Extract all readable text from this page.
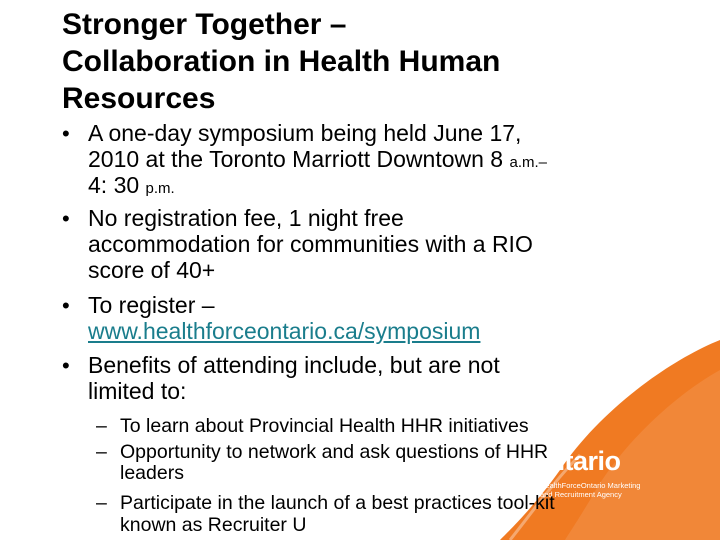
Stronger Together –
Collaboration in Health Human
Resources
• A one-day symposium being held June 17,
2010 at the Toronto Marriott Downtown 8 a.m.–
4: 30 p.m.
• No registration fee, 1 night free
accommodation for communities with a RIO
score of 40+
• To register –
www.healthforceontario.ca/symposium
• Benefits of attending include, but are not
limited to:
– To learn about Provincial Health HHR initiatives
– Opportunity to network and ask questions of HHR
leaders
– Participate in the launch of a best practices tool-kit
known as Recruiter U
Ontario
HealthForceOntario Marketing
and Recruitment Agency
